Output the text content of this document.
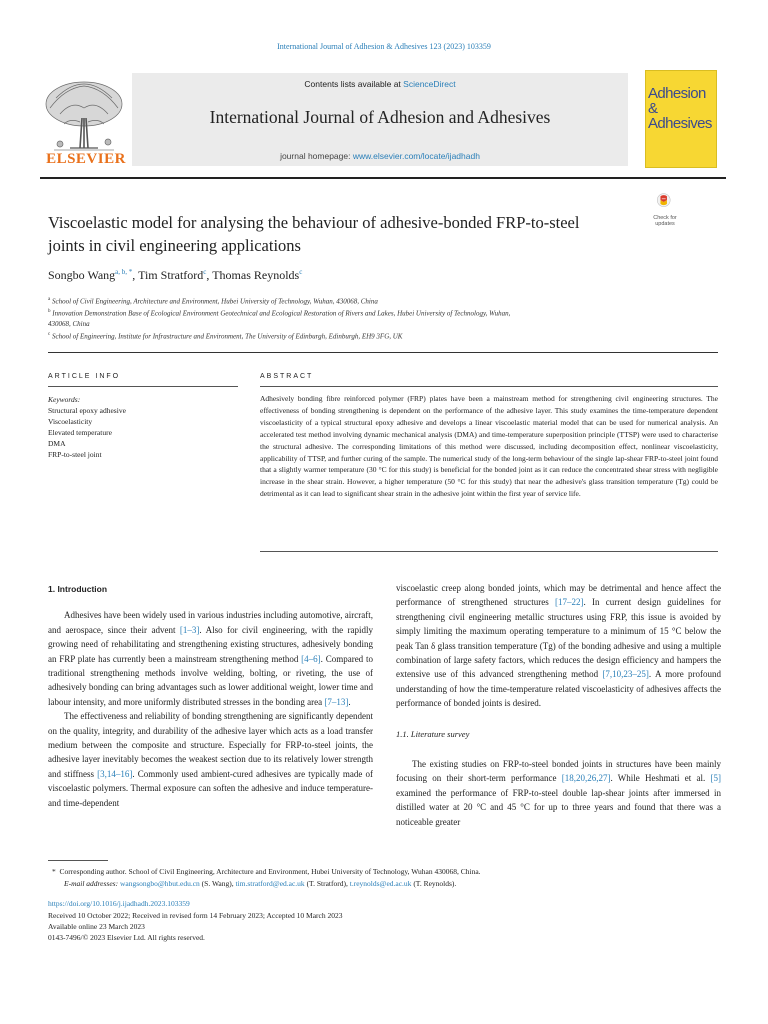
International Journal of Adhesion & Adhesives 123 (2023) 103359
ELSEVIER
Contents lists available at ScienceDirect
International Journal of Adhesion and Adhesives
journal homepage: www.elsevier.com/locate/ijadhadh
Adhesion & Adhesives
Viscoelastic model for analysing the behaviour of adhesive-bonded FRP-to-steel joints in civil engineering applications
Check for updates
Songbo Wang$^{a, b, *}$, Tim Stratford$^c$, Thomas Reynolds$^c$
$^a$ School of Civil Engineering, Architecture and Environment, Hubei University of Technology, Wuhan, 430068, China
$^b$ Innovation Demonstration Base of Ecological Environment Geotechnical and Ecological Restoration of Rivers and Lakes, Hubei University of Technology, Wuhan,
430068, China
$^c$ School of Engineering, Institute for Infrastructure and Environment, The University of Edinburgh, Edinburgh, EH9 3FG, UK
ARTICLE INFO
Keywords:
Structural epoxy adhesive
Viscoelasticity
Elevated temperature
DMA
FRP-to-steel joint
ABSTRACT
Adhesively bonding fibre reinforced polymer (FRP) plates have been a mainstream method for strengthening civil engineering structures. The effectiveness of bonding strengthening is dependent on the performance of the adhesive layer. This study examines the time-temperature dependent viscoelasticity of a typical structural epoxy adhesive and develops a linear viscoelastic material model that can be used for numerical analysis. An accelerated test method involving dynamic mechanical analysis (DMA) and time-temperature superposition principle (TTSP) were used to characterise the structural adhesive. The corresponding limitations of this method were discussed, including decomposition effect, nonlinear viscoelasticity, applicability of TTSP, and further curing of the sample. The numerical study of the long-term behaviour of the single lap-shear FRP-to-steel joint found that a slightly warmer temperature (30 °C for this study) is beneficial for the bonded joint as it can reduce the concentrated shear stress with negligible increase in the shear strain. However, a higher temperature (50 °C for this study) that near the adhesive's glass transition temperature (Tg) could be detrimental as it can lead to significant shear strain in the adhesive joint within the first year of service life.
1. Introduction

Adhesives have been widely used in various industries including automotive, aircraft, and aerospace, since their advent [1–3]. Also for civil engineering, with the rapidly growing need of rehabilitating and strengthening existing structures, adhesively bonding an FRP plate has currently been a mainstream strengthening method [4–6]. Compared to traditional strengthening methods involve welding, bolting, or riveting, the use of adhesively bonding can bring advantages such as lower additional weight, lower time and labour intensity, and more uniformly distributed stresses in the bonding area [7–13].

The effectiveness and reliability of bonding strengthening are significantly dependent on the quality, integrity, and durability of the adhesive layer which acts as a load transfer medium between the composite and structure. Especially for FRP-to-steel joints, the adhesive layer inevitably becomes the weakest section due to its relatively lower strength and stiffness [3,14–16]. Commonly used ambient-cured adhesives are typically made of viscoelastic polymers. Thermal exposure can soften the adhesive and induce temperature- and time-dependent

viscoelastic creep along bonded joints, which may be detrimental and hence affect the performance of strengthened structures [17–22]. In current design guidelines for strengthening civil engineering metallic structures using FRP, this issue is avoided by simply limiting the maximum operating temperature to a minimum of 15 °C below the peak Tan δ glass transition temperature (Tg) of the bonding adhesive and using a multiple combination of large safety factors, which reduces the design efficiency and hampers the extensive use of this advanced strengthening method [7,10,23–25]. A more profound understanding of how the time-temperature related viscoelasticity of adhesives affects the performance of bonded joints is desired.

1.1. Literature survey

The existing studies on FRP-to-steel bonded joints in structures have been mainly focusing on their short-term performance [18,20,26,27]. While Heshmati et al. [5] examined the performance of FRP-to-steel double lap-shear joints after immersed in distilled water at 20 °C and 45 °C for up to three years and found that there was a noticeable greater

*  Corresponding author. School of Civil Engineering, Architecture and Environment, Hubei University of Technology, Wuhan 430068, China.
E-mail addresses: wangsongbo@hbut.edu.cn (S. Wang), tim.stratford@ed.ac.uk (T. Stratford), t.reynolds@ed.ac.uk (T. Reynolds).
https://doi.org/10.1016/j.ijadhadh.2023.103359
Received 10 October 2022; Received in revised form 14 February 2023; Accepted 10 March 2023
Available online 23 March 2023
0143-7496/© 2023 Elsevier Ltd. All rights reserved.
